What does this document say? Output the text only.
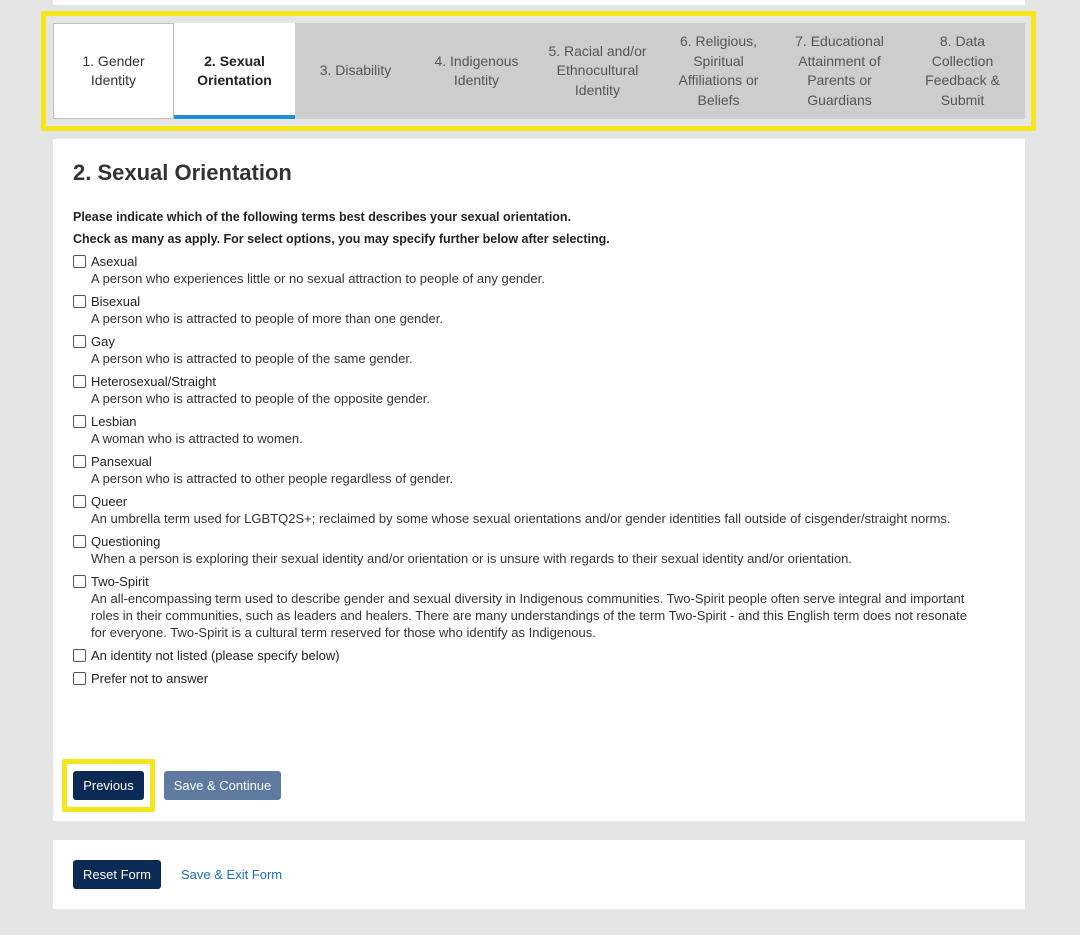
1. Gender
Identity
2. Sexual
Orientation
3. Disability
4. Indigenous
Identity
5. Racial and/or
Ethnocultural
Identity
6. Religious,
Spiritual
Affiliations or
Beliefs
7. Educational
Attainment of
Parents or
Guardians
8. Data
Collection
Feedback &
Submit
2. Sexual Orientation
Please indicate which of the following terms best describes your sexual orientation.
Check as many as apply. For select options, you may specify further below after selecting.
Asexual
A person who experiences little or no sexual attraction to people of any gender.
Bisexual
A person who is attracted to people of more than one gender.
Gay
A person who is attracted to people of the same gender.
Heterosexual/Straight
A person who is attracted to people of the opposite gender.
Lesbian
A woman who is attracted to women.
Pansexual
A person who is attracted to other people regardless of gender.
Queer
An umbrella term used for LGBTQ2S+; reclaimed by some whose sexual orientations and/or gender identities fall outside of cisgender/straight norms.
Questioning
When a person is exploring their sexual identity and/or orientation or is unsure with regards to their sexual identity and/or orientation.
Two-Spirit
An all-encompassing term used to describe gender and sexual diversity in Indigenous communities. Two-Spirit people often serve integral and important roles in their communities, such as leaders and healers. There are many understandings of the term Two-Spirit - and this English term does not resonate for everyone. Two-Spirit is a cultural term reserved for those who identify as Indigenous.
An identity not listed (please specify below)
Prefer not to answer
Previous	Save & Continue
Reset Form	Save & Exit Form
